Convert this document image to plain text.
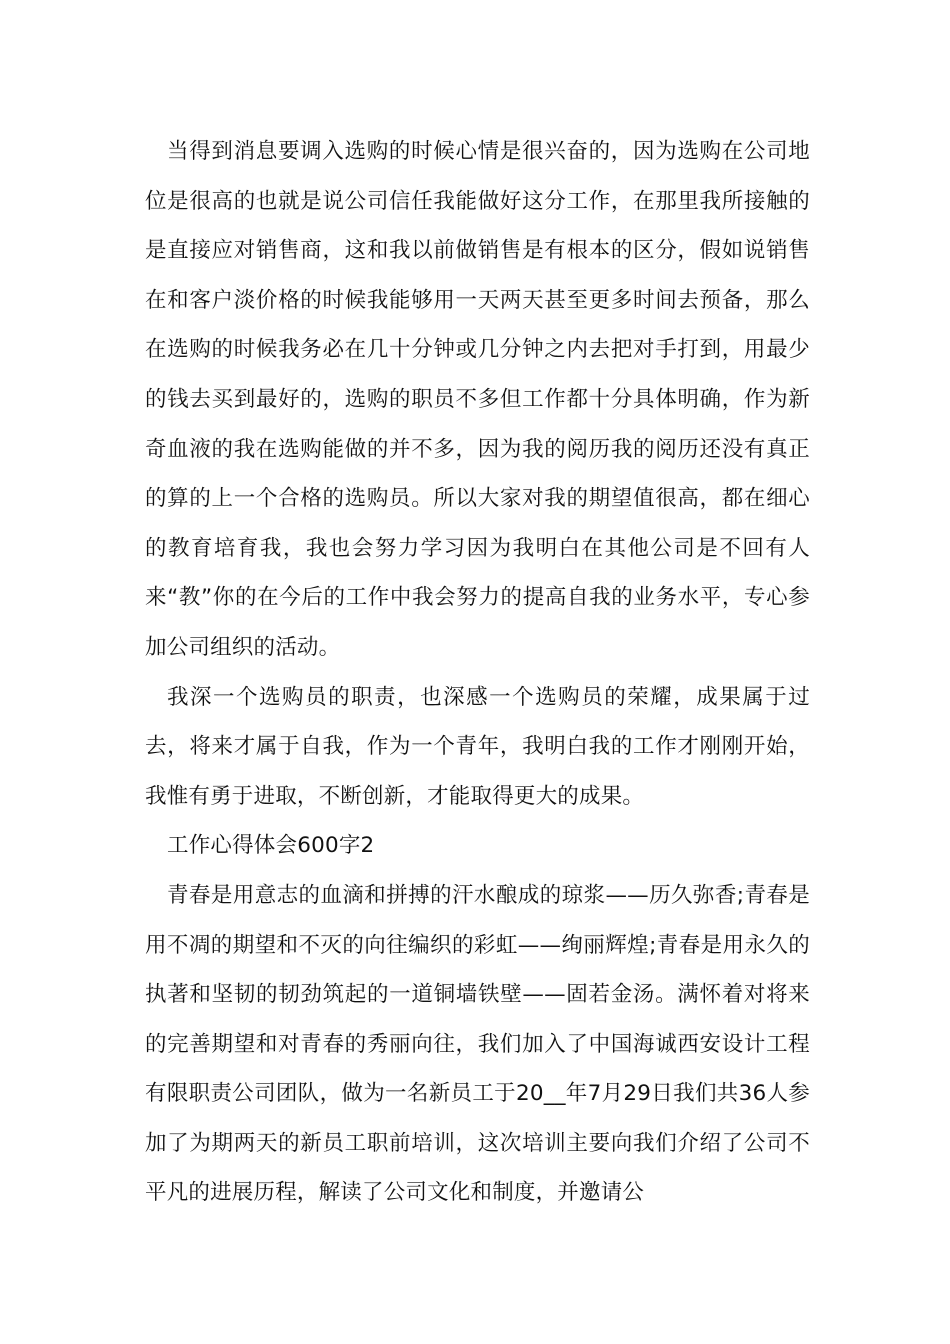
当得到消息要调入选购的时候心情是很兴奋的，因为选购在公司地位是很高的也就是说公司信任我能做好这分工作，在那里我所接触的是直接应对销售商，这和我以前做销售是有根本的区分，假如说销售在和客户淡价格的时候我能够用一天两天甚至更多时间去预备，那么在选购的时候我务必在几十分钟或几分钟之内去把对手打到，用最少的钱去买到最好的，选购的职员不多但工作都十分具体明确，作为新奇血液的我在选购能做的并不多，因为我的阅历我的阅历还没有真正的算的上一个合格的选购员。所以大家对我的期望值很高，都在细心的教育培育我，我也会努力学习因为我明白在其他公司是不回有人来“教”你的在今后的工作中我会努力的提高自我的业务水平，专心参加公司组织的活动。

我深一个选购员的职责，也深感一个选购员的荣耀，成果属于过去，将来才属于自我，作为一个青年，我明白我的工作才刚刚开始，我惟有勇于进取，不断创新，才能取得更大的成果。

工作心得体会600字2

青春是用意志的血滴和拼搏的汗水酿成的琼浆——历久弥香;青春是用不凋的期望和不灭的向往编织的彩虹——绚丽辉煌;青春是用永久的执著和坚韧的韧劲筑起的一道铜墙铁壁——固若金汤。满怀着对将来的完善期望和对青春的秀丽向往，我们加入了中国海诚西安设计工程有限职责公司团队，做为一名新员工于20__年7月29日我们共36人参加了为期两天的新员工职前培训，这次培训主要向我们介绍了公司不平凡的进展历程，解读了公司文化和制度，并邀请公
